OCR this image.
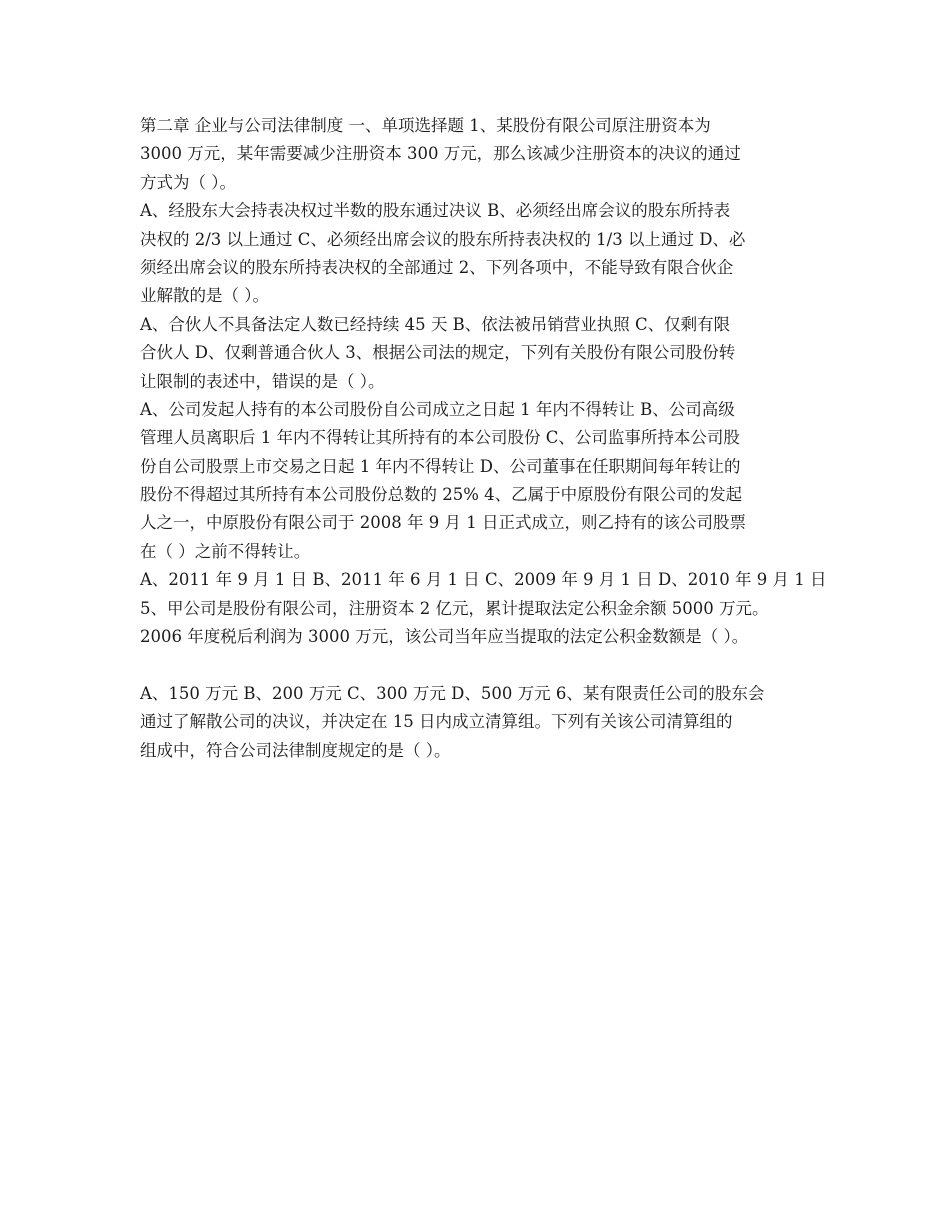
第二章 企业与公司法律制度 一、单项选择题 1、某股份有限公司原注册资本为
3000 万元，某年需要减少注册资本 300 万元，那么该减少注册资本的决议的通过
方式为（ ）。
A、经股东大会持表决权过半数的股东通过决议 B、必须经出席会议的股东所持表
决权的 2/3 以上通过 C、必须经出席会议的股东所持表决权的 1/3 以上通过 D、必
须经出席会议的股东所持表决权的全部通过 2、下列各项中，不能导致有限合伙企
业解散的是（ ）。
A、合伙人不具备法定人数已经持续 45 天 B、依法被吊销营业执照 C、仅剩有限
合伙人 D、仅剩普通合伙人 3、根据公司法的规定，下列有关股份有限公司股份转
让限制的表述中，错误的是（ ）。
A、公司发起人持有的本公司股份自公司成立之日起 1 年内不得转让 B、公司高级
管理人员离职后 1 年内不得转让其所持有的本公司股份 C、公司监事所持本公司股
份自公司股票上市交易之日起 1 年内不得转让 D、公司董事在任职期间每年转让的
股份不得超过其所持有本公司股份总数的 25% 4、乙属于中原股份有限公司的发起
人之一，中原股份有限公司于 2008 年 9 月 1 日正式成立，则乙持有的该公司股票
在（ ）之前不得转让。
A、2011 年 9 月 1 日 B、2011 年 6 月 1 日 C、2009 年 9 月 1 日 D、2010 年 9 月 1 日
5、甲公司是股份有限公司，注册资本 2 亿元，累计提取法定公积金余额 5000 万元。
2006 年度税后利润为 3000 万元，该公司当年应当提取的法定公积金数额是（ ）。
A、150 万元 B、200 万元 C、300 万元 D、500 万元 6、某有限责任公司的股东会
通过了解散公司的决议，并决定在 15 日内成立清算组。下列有关该公司清算组的
组成中，符合公司法律制度规定的是（ ）。
